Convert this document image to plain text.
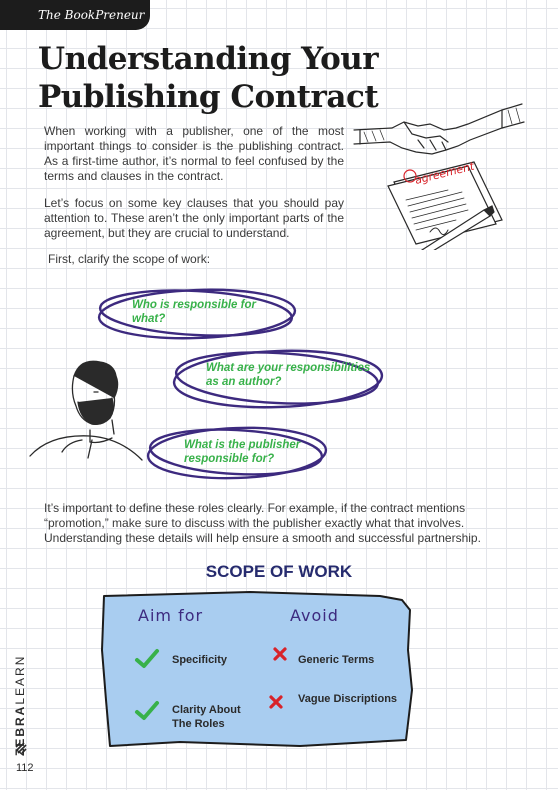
The BookPreneur
Understanding Your
Publishing Contract

When working with a publisher, one of the most important things to consider is the publishing contract. As a first-time author, it’s normal to feel confused by the terms and clauses in the contract.

Let’s focus on some key clauses that you should pay attention to. These aren’t the only important parts of the agreement, but they are crucial to understand.

First, clarify the scope of work:

agreement
Who is responsible for what?
What are your responsibilities as an author?
What is the publisher responsible for?

It’s important to define these roles clearly. For example, if the contract mentions “promotion,” make sure to discuss with the publisher exactly what that involves. Understanding these details will help ensure a smooth and successful partnership.

SCOPE OF WORK
Aim for	Avoid
Specificity
Clarity About The Roles
Generic Terms
Vague Discriptions
ZEBRALEARN
112
